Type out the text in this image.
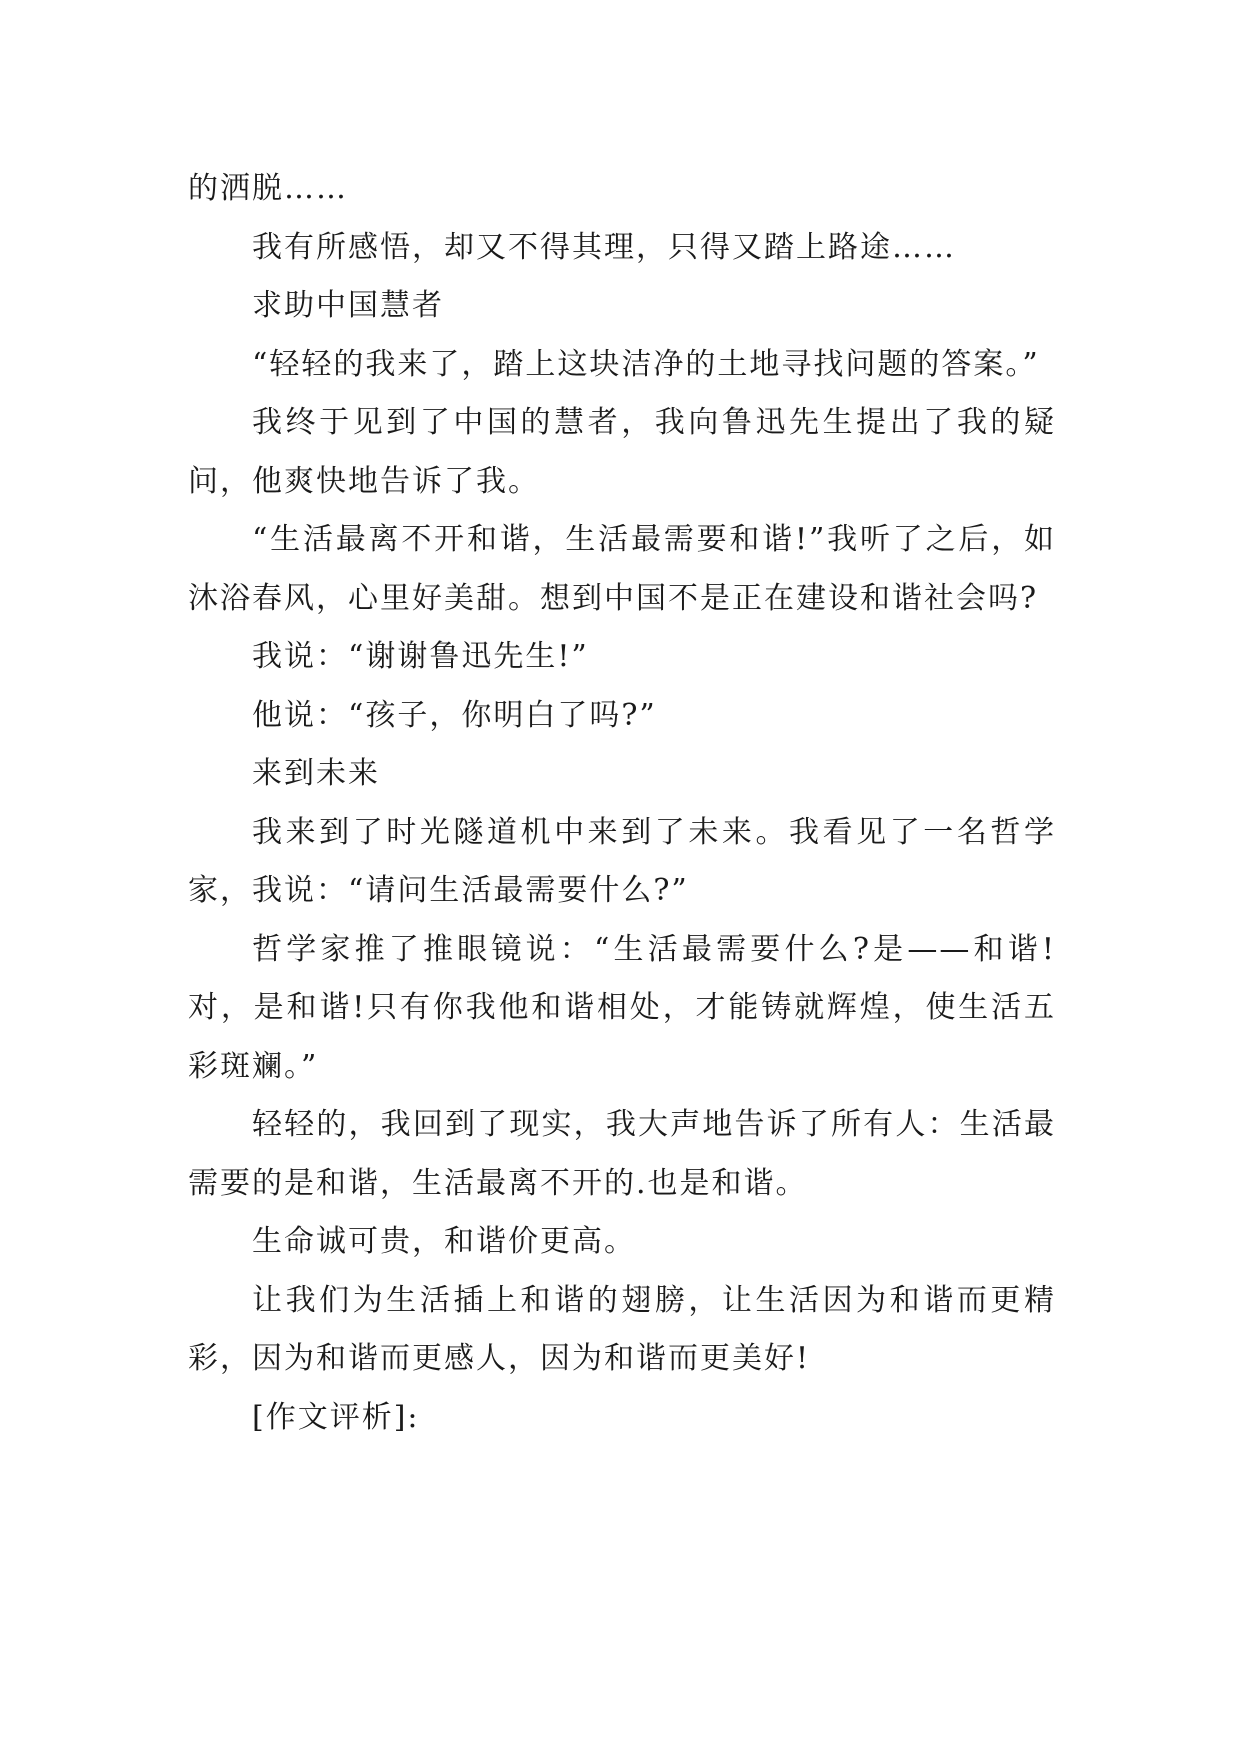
的洒脱……

我有所感悟，却又不得其理，只得又踏上路途……

求助中国慧者

“轻轻的我来了，踏上这块洁净的土地寻找问题的答案。”

我终于见到了中国的慧者，我向鲁迅先生提出了我的疑问，他爽快地告诉了我。

“生活最离不开和谐，生活最需要和谐!”我听了之后，如沐浴春风，心里好美甜。想到中国不是正在建设和谐社会吗?

我说：“谢谢鲁迅先生!”

他说：“孩子，你明白了吗?”

来到未来

我来到了时光隧道机中来到了未来。我看见了一名哲学家，我说：“请问生活最需要什么?”

哲学家推了推眼镜说：“生活最需要什么?是——和谐!对，是和谐!只有你我他和谐相处，才能铸就辉煌，使生活五彩斑斓。”

轻轻的，我回到了现实，我大声地告诉了所有人：生活最需要的是和谐，生活最离不开的.也是和谐。

生命诚可贵，和谐价更高。

让我们为生活插上和谐的翅膀，让生活因为和谐而更精彩，因为和谐而更感人，因为和谐而更美好!

[作文评析]:
